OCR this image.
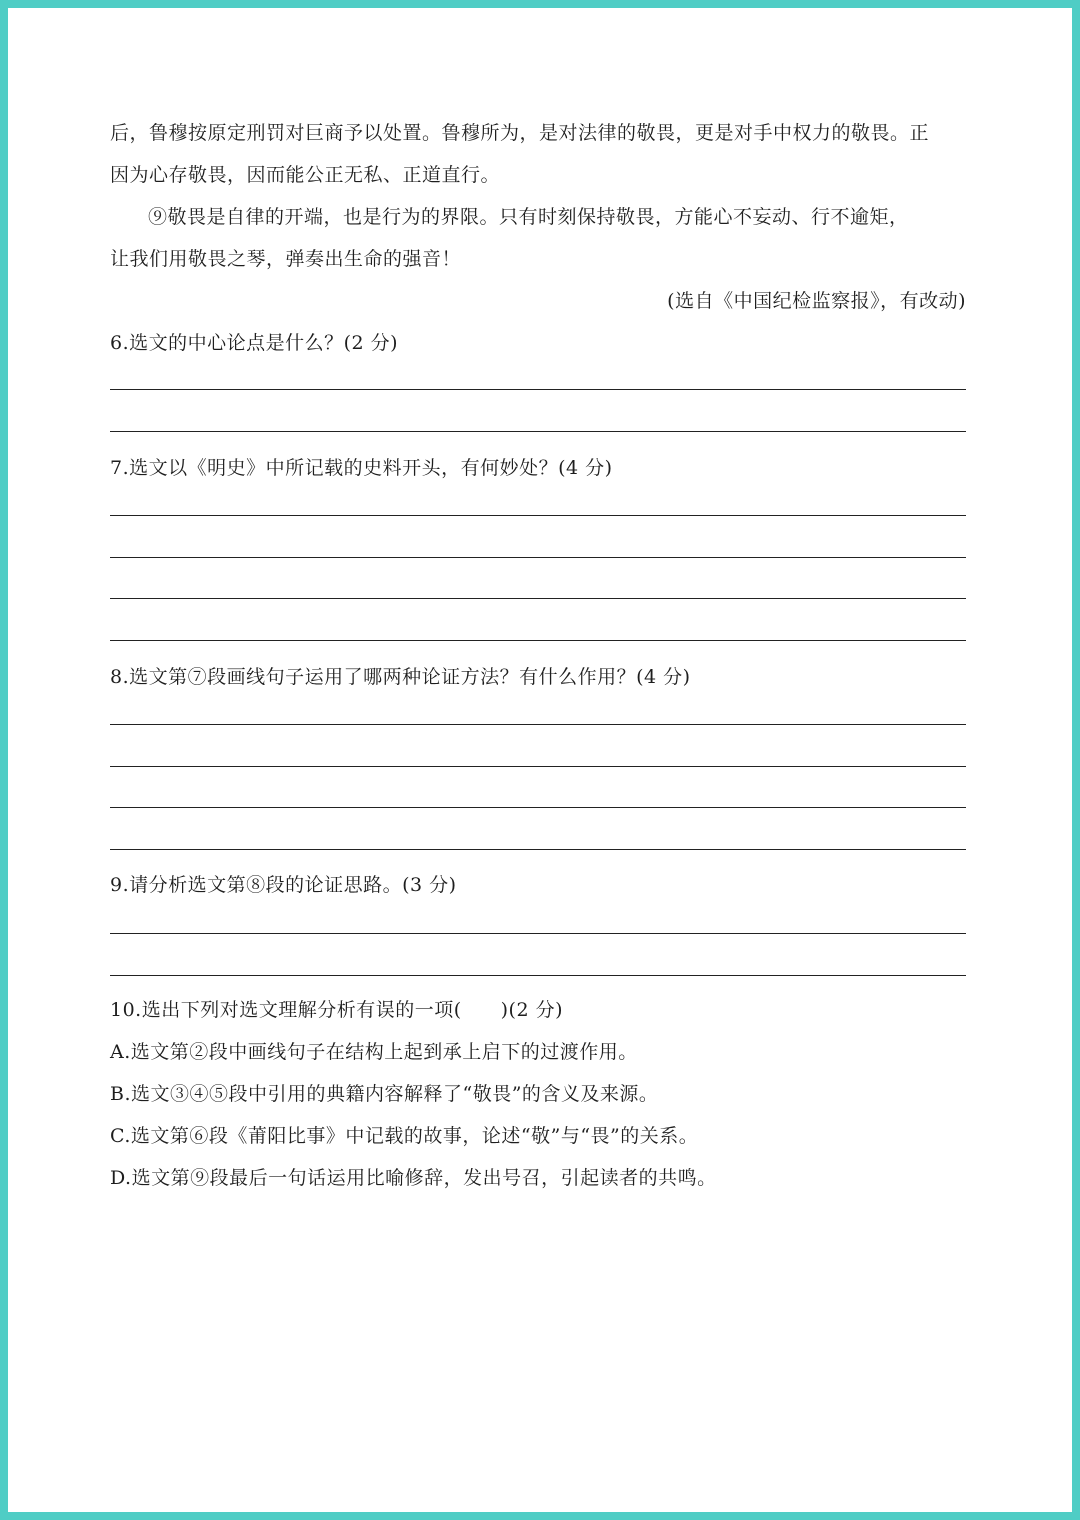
后，鲁穆按原定刑罚对巨商予以处置。鲁穆所为，是对法律的敬畏，更是对手中权力的敬畏。正
因为心存敬畏，因而能公正无私、正道直行。
⑨敬畏是自律的开端，也是行为的界限。只有时刻保持敬畏，方能心不妄动、行不逾矩，
让我们用敬畏之琴，弹奏出生命的强音！
(选自《中国纪检监察报》，有改动)
6.选文的中心论点是什么？(2 分)
7.选文以《明史》中所记载的史料开头，有何妙处？(4 分)
8.选文第⑦段画线句子运用了哪两种论证方法？有什么作用？(4 分)
9.请分析选文第⑧段的论证思路。(3 分)
10.选出下列对选文理解分析有误的一项(　　)(2 分)
A.选文第②段中画线句子在结构上起到承上启下的过渡作用。
B.选文③④⑤段中引用的典籍内容解释了“敬畏”的含义及来源。
C.选文第⑥段《莆阳比事》中记载的故事，论述“敬”与“畏”的关系。
D.选文第⑨段最后一句话运用比喻修辞，发出号召，引起读者的共鸣。
